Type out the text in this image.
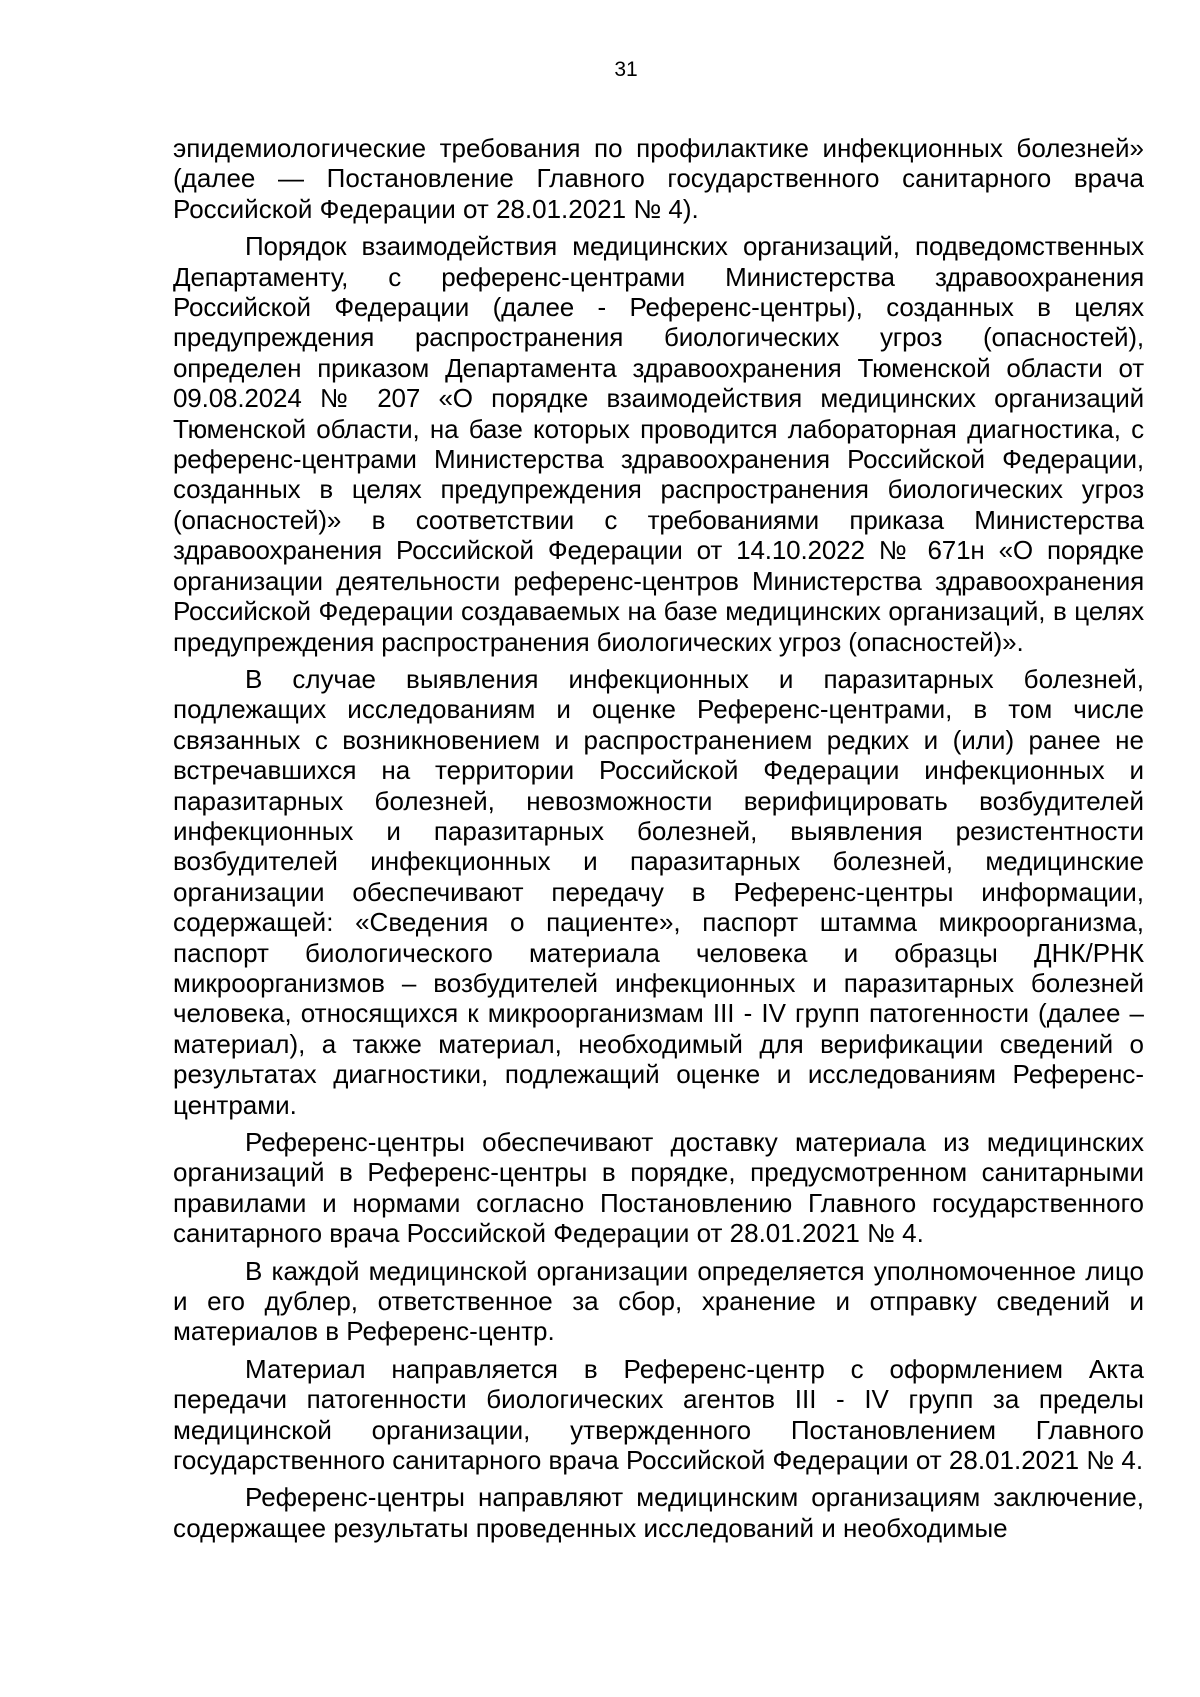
31

эпидемиологические требования по профилактике инфекционных болезней» (далее — Постановление Главного государственного санитарного врача Российской Федерации от 28.01.2021 № 4).

Порядок взаимодействия медицинских организаций, подведомственных Департаменту, с референс-центрами Министерства здравоохранения Российской Федерации (далее - Референс-центры), созданных в целях предупреждения распространения биологических угроз (опасностей), определен приказом Департамента здравоохранения Тюменской области от 09.08.2024 № 207 «О порядке взаимодействия медицинских организаций Тюменской области, на базе которых проводится лабораторная диагностика, с референс-центрами Министерства здравоохранения Российской Федерации, созданных в целях предупреждения распространения биологических угроз (опасностей)» в соответствии с требованиями приказа Министерства здравоохранения Российской Федерации от 14.10.2022 № 671н «О порядке организации деятельности референс-центров Министерства здравоохранения Российской Федерации создаваемых на базе медицинских организаций, в целях предупреждения распространения биологических угроз (опасностей)».

В случае выявления инфекционных и паразитарных болезней, подлежащих исследованиям и оценке Референс-центрами, в том числе связанных с возникновением и распространением редких и (или) ранее не встречавшихся на территории Российской Федерации инфекционных и паразитарных болезней, невозможности верифицировать возбудителей инфекционных и паразитарных болезней, выявления резистентности возбудителей инфекционных и паразитарных болезней, медицинские организации обеспечивают передачу в Референс-центры информации, содержащей: «Сведения о пациенте», паспорт штамма микроорганизма, паспорт биологического материала человека и образцы ДНК/РНК микроорганизмов – возбудителей инфекционных и паразитарных болезней человека, относящихся к микроорганизмам III - IV групп патогенности (далее – материал), а также материал, необходимый для верификации сведений о результатах диагностики, подлежащий оценке и исследованиям Референс-центрами.

Референс-центры обеспечивают доставку материала из медицинских организаций в Референс-центры в порядке, предусмотренном санитарными правилами и нормами согласно Постановлению Главного государственного санитарного врача Российской Федерации от 28.01.2021 № 4.

В каждой медицинской организации определяется уполномоченное лицо и его дублер, ответственное за сбор, хранение и отправку сведений и материалов в Референс-центр.

Материал направляется в Референс-центр с оформлением Акта передачи патогенности биологических агентов III - IV групп за пределы медицинской организации, утвержденного Постановлением Главного государственного санитарного врача Российской Федерации от 28.01.2021 № 4.

Референс-центры направляют медицинским организациям заключение, содержащее результаты проведенных исследований и необходимые
